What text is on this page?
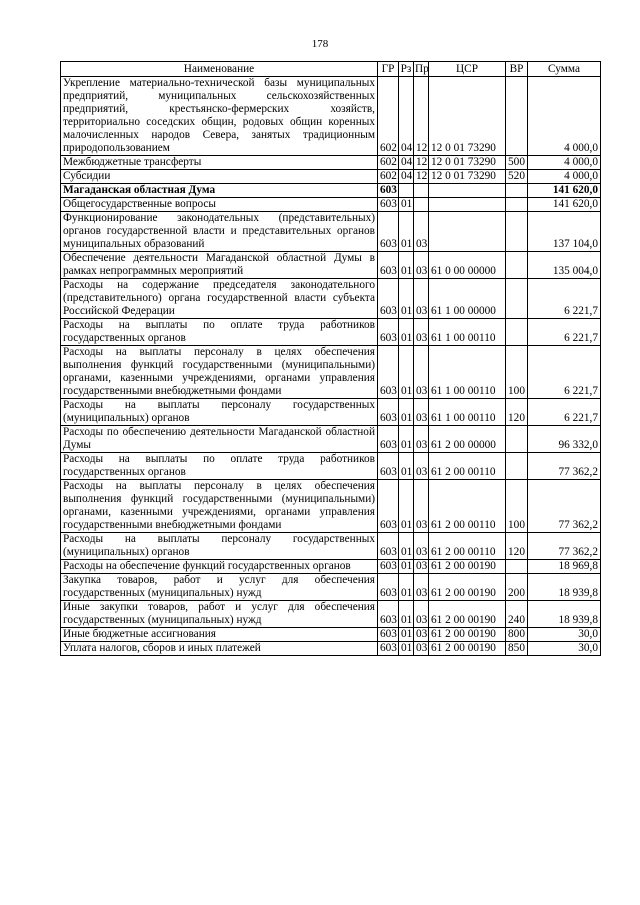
178
Наименование	ГР	Рз	Пр	ЦСР	ВР	Сумма
Укрепление материально-технической базы муниципальных предприятий, муниципальных сельскохозяйственных предприятий, крестьянско-фермерских хозяйств, территориально соседских общин, родовых общин коренных малочисленных народов Севера, занятых традиционным природопользованием	602	04	12	12 0 01 73290		4 000,0
Межбюджетные трансферты	602	04	12	12 0 01 73290	500	4 000,0
Субсидии	602	04	12	12 0 01 73290	520	4 000,0
Магаданская областная Дума	603					141 620,0
Общегосударственные вопросы	603	01				141 620,0
Функционирование законодательных (представительных) органов государственной власти и представительных органов муниципальных образований	603	01	03			137 104,0
Обеспечение деятельности Магаданской областной Думы в рамках непрограммных мероприятий	603	01	03	61 0 00 00000		135 004,0
Расходы на содержание председателя законодательного (представительного) органа государственной власти субъекта Российской Федерации	603	01	03	61 1 00 00000		6 221,7
Расходы на выплаты по оплате труда работников государственных органов	603	01	03	61 1 00 00110		6 221,7
Расходы на выплаты персоналу в целях обеспечения выполнения функций государственными (муниципальными) органами, казенными учреждениями, органами управления государственными внебюджетными фондами	603	01	03	61 1 00 00110	100	6 221,7
Расходы на выплаты персоналу государственных (муниципальных) органов	603	01	03	61 1 00 00110	120	6 221,7
Расходы по обеспечению деятельности Магаданской областной Думы	603	01	03	61 2 00 00000		96 332,0
Расходы на выплаты по оплате труда работников государственных органов	603	01	03	61 2 00 00110		77 362,2
Расходы на выплаты персоналу в целях обеспечения выполнения функций государственными (муниципальными) органами, казенными учреждениями, органами управления государственными внебюджетными фондами	603	01	03	61 2 00 00110	100	77 362,2
Расходы на выплаты персоналу государственных (муниципальных) органов	603	01	03	61 2 00 00110	120	77 362,2
Расходы на обеспечение функций государственных органов	603	01	03	61 2 00 00190		18 969,8
Закупка товаров, работ и услуг для обеспечения государственных (муниципальных) нужд	603	01	03	61 2 00 00190	200	18 939,8
Иные закупки товаров, работ и услуг для обеспечения государственных (муниципальных) нужд	603	01	03	61 2 00 00190	240	18 939,8
Иные бюджетные ассигнования	603	01	03	61 2 00 00190	800	30,0
Уплата налогов, сборов и иных платежей	603	01	03	61 2 00 00190	850	30,0
